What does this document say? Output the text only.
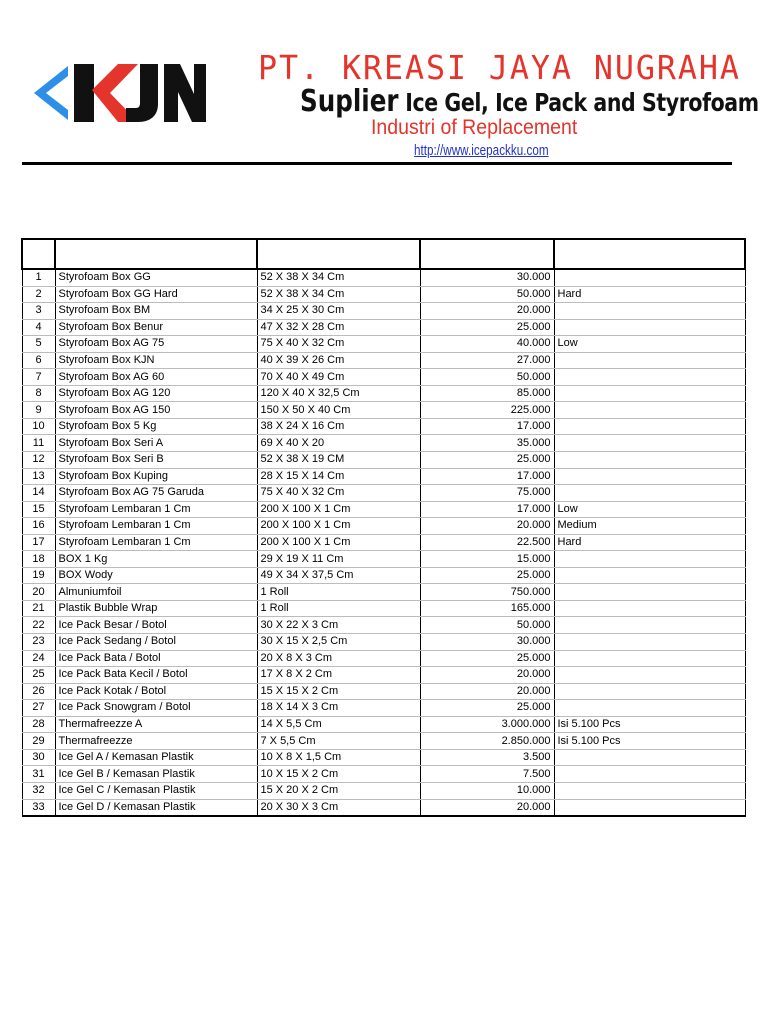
PT. KREASI JAYA NUGRAHA
Suplier Ice Gel, Ice Pack and Styrofoam
Industri of Replacement
http://www.icepackku.com

1	Styrofoam Box GG	52 X 38 X 34 Cm	30.000	
2	Styrofoam Box GG Hard	52 X 38 X 34 Cm	50.000	Hard
3	Styrofoam Box BM	34 X 25 X 30 Cm	20.000	
4	Styrofoam Box Benur	47 X 32 X 28 Cm	25.000	
5	Styrofoam Box AG 75	75 X 40 X 32 Cm	40.000	Low
6	Styrofoam Box KJN	40 X 39 X 26 Cm	27.000	
7	Styrofoam Box AG 60	70 X 40 X 49 Cm	50.000	
8	Styrofoam Box AG 120	120 X 40 X 32,5 Cm	85.000	
9	Styrofoam Box AG 150	150 X 50 X 40 Cm	225.000	
10	Styrofoam Box 5 Kg	38 X 24 X 16 Cm	17.000	
11	Styrofoam Box Seri A	69 X 40 X 20	35.000	
12	Styrofoam Box Seri B	52 X 38 X 19 CM	25.000	
13	Styrofoam Box Kuping	28 X 15 X 14 Cm	17.000	
14	Styrofoam Box AG 75 Garuda	75 X 40 X 32 Cm	75.000	
15	Styrofoam Lembaran 1 Cm	200 X 100 X 1 Cm	17.000	Low
16	Styrofoam Lembaran 1 Cm	200 X 100 X 1 Cm	20.000	Medium
17	Styrofoam Lembaran 1 Cm	200 X 100 X 1 Cm	22.500	Hard
18	BOX 1 Kg	29 X 19 X 11 Cm	15.000	
19	BOX Wody	49 X 34 X 37,5 Cm	25.000	
20	Almuniumfoil	1 Roll	750.000	
21	Plastik Bubble Wrap	1 Roll	165.000	
22	Ice Pack Besar / Botol	30 X 22 X 3 Cm	50.000	
23	Ice Pack Sedang / Botol	30 X 15 X 2,5 Cm	30.000	
24	Ice Pack Bata / Botol	20 X 8 X 3 Cm	25.000	
25	Ice Pack Bata Kecil / Botol	17 X 8 X 2 Cm	20.000	
26	Ice Pack Kotak / Botol	15 X 15 X 2 Cm	20.000	
27	Ice Pack Snowgram / Botol	18 X 14 X 3 Cm	25.000	
28	Thermafreezze A	14 X 5,5 Cm	3.000.000	Isi 5.100 Pcs
29	Thermafreezze	7 X 5,5 Cm	2.850.000	Isi 5.100 Pcs
30	Ice Gel A / Kemasan Plastik	10 X 8 X 1,5 Cm	3.500	
31	Ice Gel B / Kemasan Plastik	10 X 15 X 2 Cm	7.500	
32	Ice Gel C / Kemasan Plastik	15 X 20 X 2 Cm	10.000	
33	Ice Gel D / Kemasan Plastik	20 X 30 X 3 Cm	20.000	
